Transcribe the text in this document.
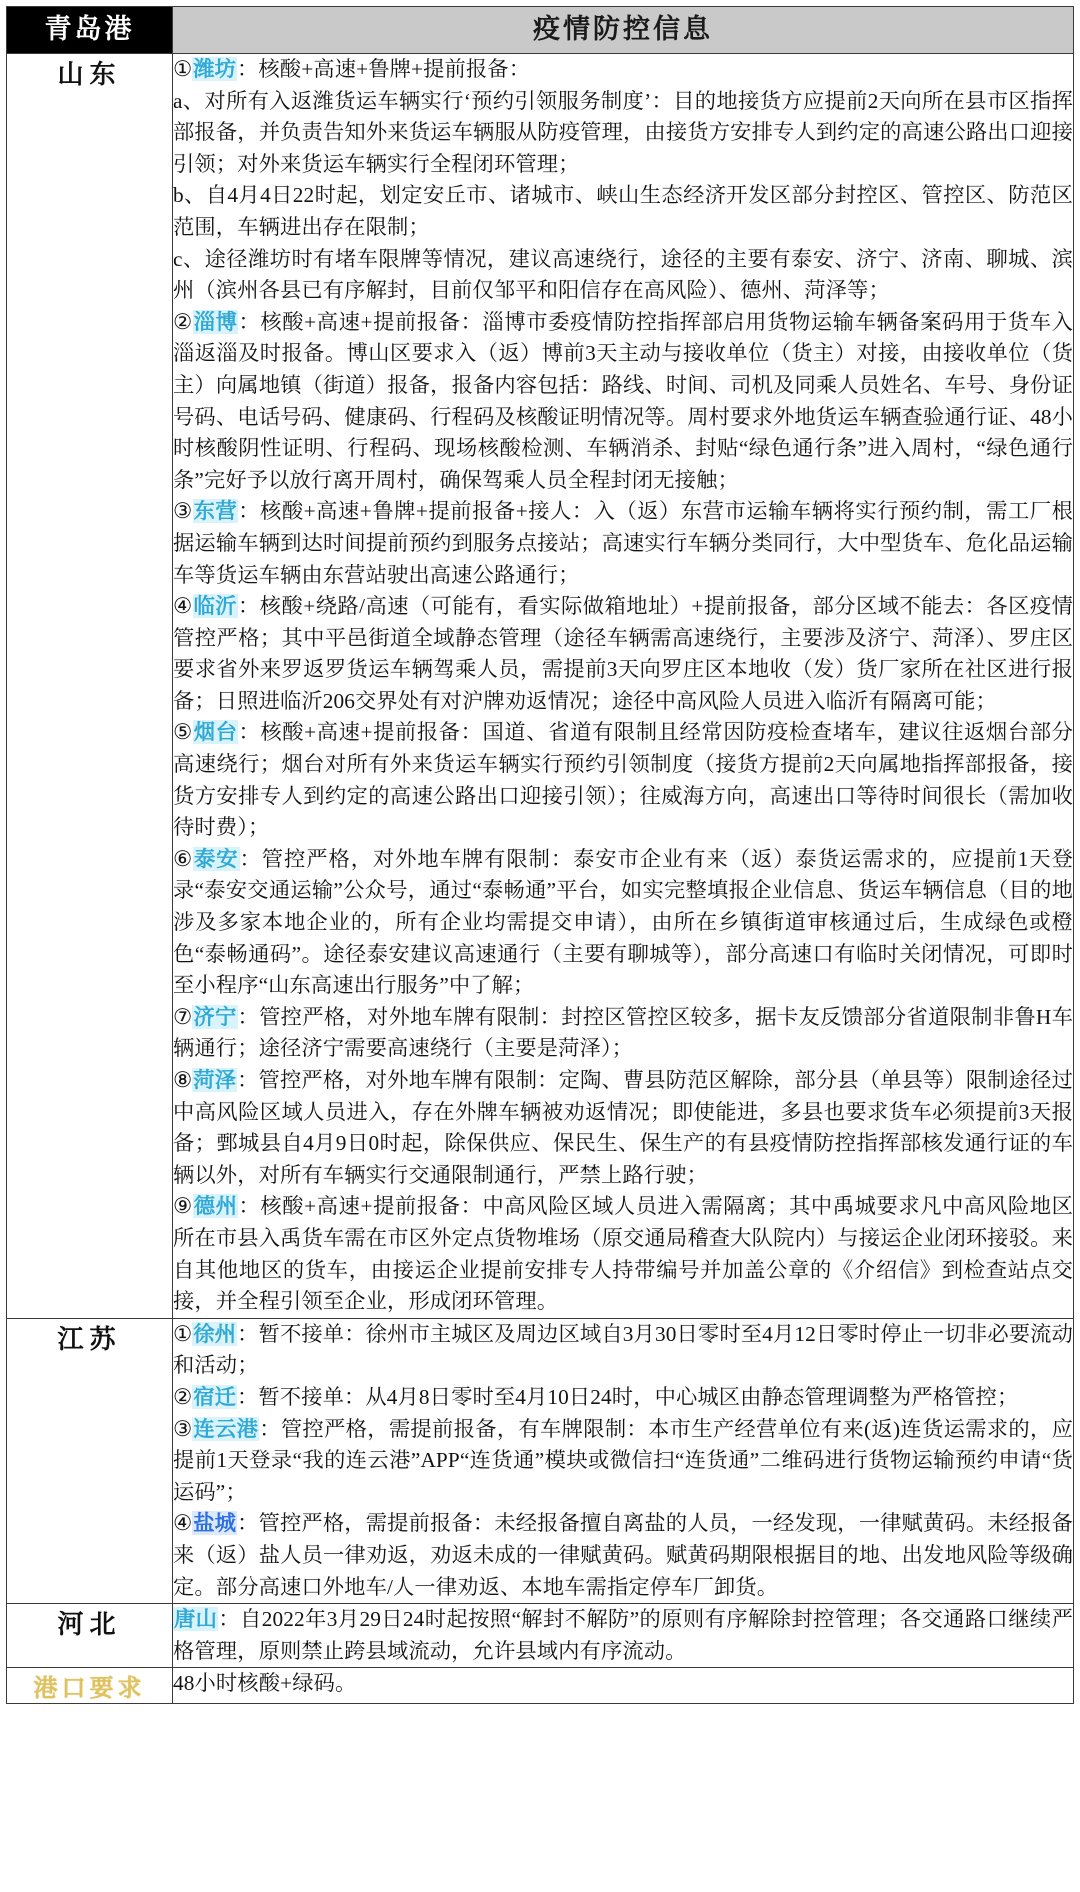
青岛港	疫情防控信息
山东	①潍坊：核酸+高速+鲁牌+提前报备：

a、对所有入返潍货运车辆实行‘预约引领服务制度’：目的地接货方应提前2天向所在县市区指挥部报备，并负责告知外来货运车辆服从防疫管理，由接货方安排专人到约定的高速公路出口迎接引领；对外来货运车辆实行全程闭环管理；

b、自4月4日22时起，划定安丘市、诸城市、峡山生态经济开发区部分封控区、管控区、防范区范围，车辆进出存在限制；

c、途径潍坊时有堵车限牌等情况，建议高速绕行，途径的主要有泰安、济宁、济南、聊城、滨州（滨州各县已有序解封，目前仅邹平和阳信存在高风险）、德州、菏泽等；

②淄博：核酸+高速+提前报备：淄博市委疫情防控指挥部启用货物运输车辆备案码用于货车入淄返淄及时报备。博山区要求入（返）博前3天主动与接收单位（货主）对接，由接收单位（货主）向属地镇（街道）报备，报备内容包括：路线、时间、司机及同乘人员姓名、车号、身份证号码、电话号码、健康码、行程码及核酸证明情况等。周村要求外地货运车辆查验通行证、48小时核酸阴性证明、行程码、现场核酸检测、车辆消杀、封贴“绿色通行条”进入周村，“绿色通行条”完好予以放行离开周村，确保驾乘人员全程封闭无接触；

③东营：核酸+高速+鲁牌+提前报备+接人：入（返）东营市运输车辆将实行预约制，需工厂根据运输车辆到达时间提前预约到服务点接站；高速实行车辆分类同行，大中型货车、危化品运输车等货运车辆由东营站驶出高速公路通行；

④临沂：核酸+绕路/高速（可能有，看实际做箱地址）+提前报备，部分区域不能去：各区疫情管控严格；其中平邑街道全域静态管理（途径车辆需高速绕行，主要涉及济宁、菏泽）、罗庄区要求省外来罗返罗货运车辆驾乘人员，需提前3天向罗庄区本地收（发）货厂家所在社区进行报备；日照进临沂206交界处有对沪牌劝返情况；途径中高风险人员进入临沂有隔离可能；

⑤烟台：核酸+高速+提前报备：国道、省道有限制且经常因防疫检查堵车，建议往返烟台部分高速绕行；烟台对所有外来货运车辆实行预约引领制度（接货方提前2天向属地指挥部报备，接货方安排专人到约定的高速公路出口迎接引领）；往威海方向，高速出口等待时间很长（需加收待时费）；

⑥泰安：管控严格，对外地车牌有限制：泰安市企业有来（返）泰货运需求的，应提前1天登录“泰安交通运输”公众号，通过“泰畅通”平台，如实完整填报企业信息、货运车辆信息（目的地涉及多家本地企业的，所有企业均需提交申请），由所在乡镇街道审核通过后，生成绿色或橙色“泰畅通码”。途径泰安建议高速通行（主要有聊城等），部分高速口有临时关闭情况，可即时至小程序“山东高速出行服务”中了解；

⑦济宁：管控严格，对外地车牌有限制：封控区管控区较多，据卡友反馈部分省道限制非鲁H车辆通行；途径济宁需要高速绕行（主要是菏泽）；

⑧菏泽：管控严格，对外地车牌有限制：定陶、曹县防范区解除，部分县（单县等）限制途径过中高风险区域人员进入，存在外牌车辆被劝返情况；即使能进，多县也要求货车必须提前3天报备；鄄城县自4月9日0时起，除保供应、保民生、保生产的有县疫情防控指挥部核发通行证的车辆以外，对所有车辆实行交通限制通行，严禁上路行驶；

⑨德州：核酸+高速+提前报备：中高风险区域人员进入需隔离；其中禹城要求凡中高风险地区所在市县入禹货车需在市区外定点货物堆场（原交通局稽查大队院内）与接运企业闭环接驳。来自其他地区的货车，由接运企业提前安排专人持带编号并加盖公章的《介绍信》到检查站点交接，并全程引领至企业，形成闭环管理。

江苏	①徐州：暂不接单：徐州市主城区及周边区域自3月30日零时至4月12日零时停止一切非必要流动和活动；

②宿迁：暂不接单：从4月8日零时至4月10日24时，中心城区由静态管理调整为严格管控；

③连云港：管控严格，需提前报备，有车牌限制：本市生产经营单位有来(返)连货运需求的，应提前1天登录“我的连云港”APP“连货通”模块或微信扫“连货通”二维码进行货物运输预约申请“货运码”；

④盐城：管控严格，需提前报备：未经报备擅自离盐的人员，一经发现，一律赋黄码。未经报备来（返）盐人员一律劝返，劝返未成的一律赋黄码。赋黄码期限根据目的地、出发地风险等级确定。部分高速口外地车/人一律劝返、本地车需指定停车厂卸货。

河北	唐山：自2022年3月29日24时起按照“解封不解防”的原则有序解除封控管理；各交通路口继续严格管理，原则禁止跨县域流动，允许县域内有序流动。

港口要求	48小时核酸+绿码。
